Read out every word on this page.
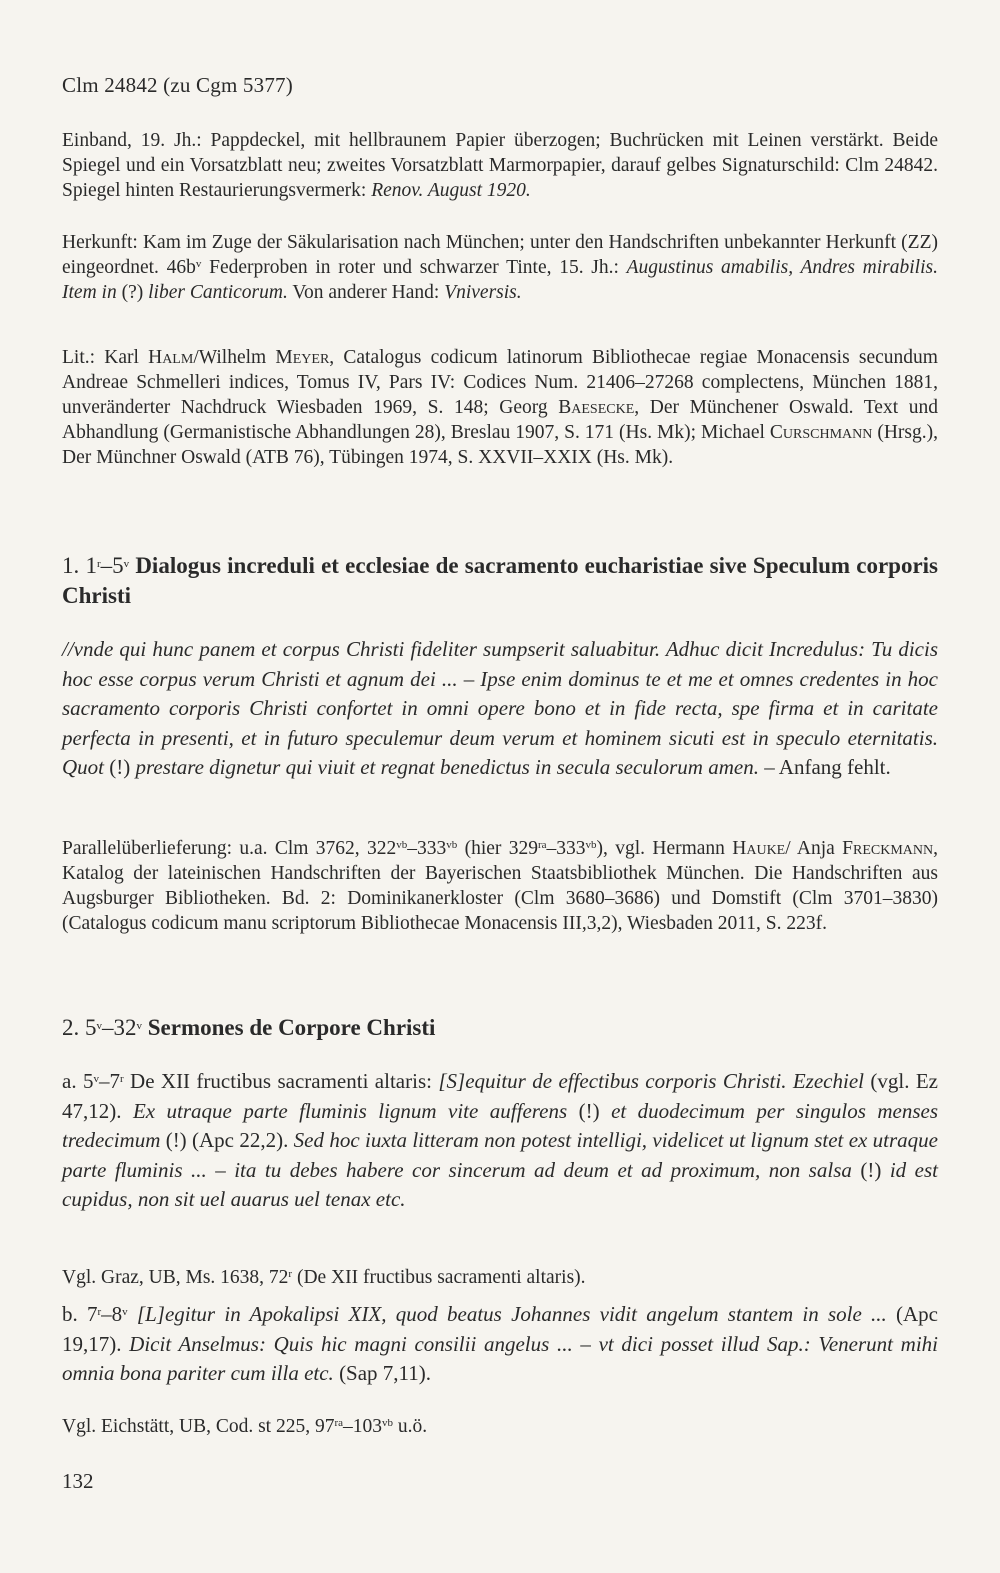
Clm 24842 (zu Cgm 5377)

Einband, 19. Jh.: Pappdeckel, mit hellbraunem Papier überzogen; Buchrücken mit Leinen verstärkt. Beide Spiegel und ein Vorsatzblatt neu; zweites Vorsatzblatt Marmorpapier, darauf gelbes Signaturschild: Clm 24842. Spiegel hinten Restaurierungsvermerk: Renov. August 1920.

Herkunft: Kam im Zuge der Säkularisation nach München; unter den Handschriften unbekannter Herkunft (ZZ) eingeordnet. $46b^v$ Federproben in roter und schwarzer Tinte, 15. Jh.: Augustinus amabilis, Andres mirabilis. Item in (?) liber Canticorum. Von anderer Hand: Vniversis.

Lit.: Karl Halm/Wilhelm Meyer, Catalogus codicum latinorum Bibliothecae regiae Monacensis secundum Andreae Schmelleri indices, Tomus IV, Pars IV: Codices Num. 21406–27268 complectens, München 1881, unveränderter Nachdruck Wiesbaden 1969, S. 148; Georg Baesecke, Der Münchener Oswald. Text und Abhandlung (Germanistische Abhandlungen 28), Breslau 1907, S. 171 (Hs. Mk); Michael Curschmann (Hrsg.), Der Münchner Oswald (ATB 76), Tübingen 1974, S. XXVII–XXIX (Hs. Mk).

1. 1$^r$–5$^v$ Dialogus increduli et ecclesiae de sacramento eucharistiae sive Speculum corporis Christi

//vnde qui hunc panem et corpus Christi fideliter sumpserit saluabitur. Adhuc dicit Incredulus: Tu dicis hoc esse corpus verum Christi et agnum dei ... – Ipse enim dominus te et me et omnes credentes in hoc sacramento corporis Christi confortet in omni opere bono et in fide recta, spe firma et in caritate perfecta in presenti, et in futuro speculemur deum verum et hominem sicuti est in speculo eternitatis. Quot (!) prestare dignetur qui viuit et regnat benedictus in secula seculorum amen. – Anfang fehlt.

Parallelüberlieferung: u.a. Clm 3762, $322^{vb}-333^{vb}$ (hier $329^{ra}-333^{vb}$), vgl. Hermann Hauke/ Anja Freckmann, Katalog der lateinischen Handschriften der Bayerischen Staatsbibliothek München. Die Handschriften aus Augsburger Bibliotheken. Bd. 2: Dominikanerkloster (Clm 3680–3686) und Domstift (Clm 3701–3830) (Catalogus codicum manu scriptorum Bibliothecae Monacensis III,3,2), Wiesbaden 2011, S. 223f.

2. 5$^v$–32$^v$ Sermones de Corpore Christi

a. 5$^v$–7$^r$ De XII fructibus sacramenti altaris: [S]equitur de effectibus corporis Christi. Ezechiel (vgl. Ez 47,12). Ex utraque parte fluminis lignum vite aufferens (!) et duodecimum per singulos menses tredecimum (!) (Apc 22,2). Sed hoc iuxta litteram non potest intelligi, videlicet ut lignum stet ex utraque parte fluminis ... – ita tu debes habere cor sincerum ad deum et ad proximum, non salsa (!) id est cupidus, non sit uel auarus uel tenax etc.

Vgl. Graz, UB, Ms. 1638, 72$^r$ (De XII fructibus sacramenti altaris).

b. 7$^r$–8$^v$ [L]egitur in Apokalipsi XIX, quod beatus Johannes vidit angelum stantem in sole ... (Apc 19,17). Dicit Anselmus: Quis hic magni consilii angelus ... – vt dici posset illud Sap.: Venerunt mihi omnia bona pariter cum illa etc. (Sap 7,11).

Vgl. Eichstätt, UB, Cod. st 225, $97^{ra}-103^{vb}$ u.ö.

132
